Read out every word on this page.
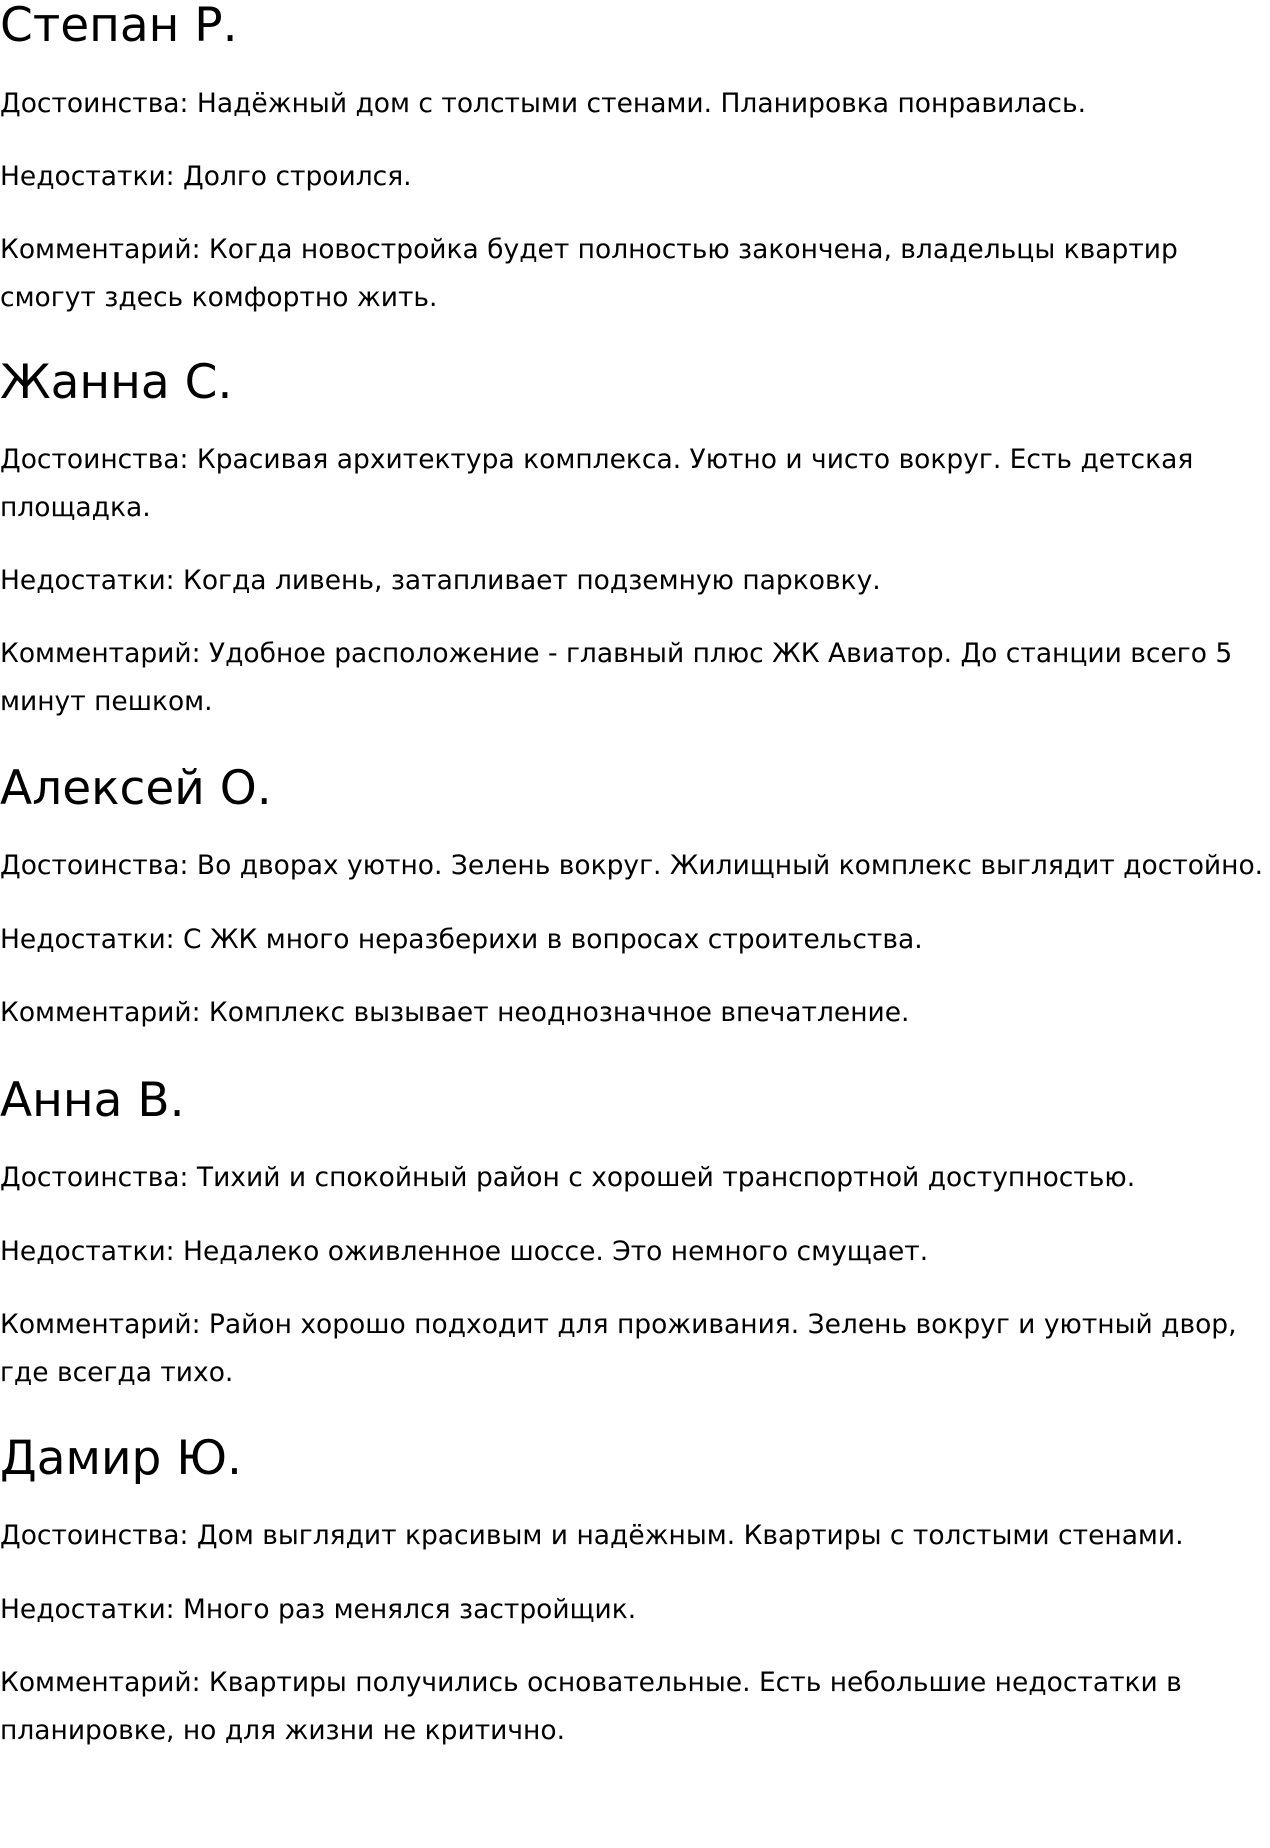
Степан Р.

Достоинства: Надёжный дом с толстыми стенами. Планировка понравилась.

Недостатки: Долго строился.

Комментарий: Когда новостройка будет полностью закончена, владельцы квартир смогут здесь комфортно жить.

Жанна С.

Достоинства: Красивая архитектура комплекса. Уютно и чисто вокруг. Есть детская площадка.

Недостатки: Когда ливень, затапливает подземную парковку.

Комментарий: Удобное расположение - главный плюс ЖК Авиатор. До станции всего 5 минут пешком.

Алексей О.

Достоинства: Во дворах уютно. Зелень вокруг. Жилищный комплекс выглядит достойно.

Недостатки: С ЖК много неразберихи в вопросах строительства.

Комментарий: Комплекс вызывает неоднозначное впечатление.

Анна В.

Достоинства: Тихий и спокойный район с хорошей транспортной доступностью.

Недостатки: Недалеко оживленное шоссе. Это немного смущает.

Комментарий: Район хорошо подходит для проживания. Зелень вокруг и уютный двор, где всегда тихо.

Дамир Ю.

Достоинства: Дом выглядит красивым и надёжным. Квартиры с толстыми стенами.

Недостатки: Много раз менялся застройщик.

Комментарий: Квартиры получились основательные. Есть небольшие недостатки в планировке, но для жизни не критично.
